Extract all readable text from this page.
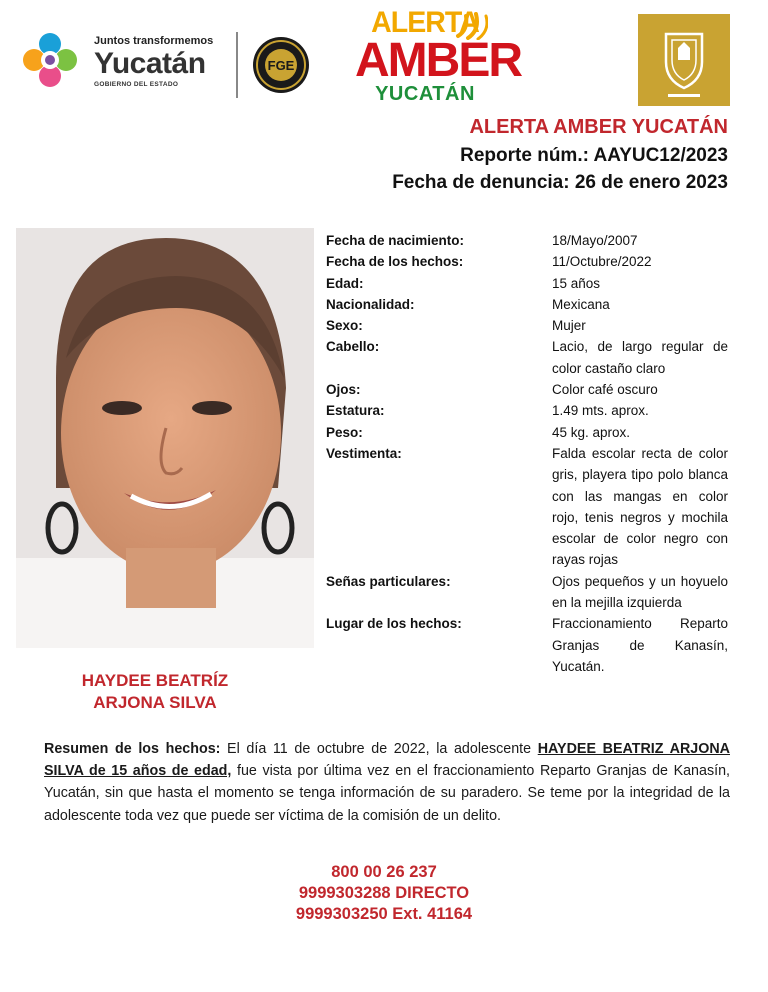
Juntos transformemos
Yucatán
GOBIERNO DEL ESTADO
FGE
ALERTA
AMBER
YUCATÁN
ALERTA AMBER YUCATÁN
Reporte núm.: AAYUC12/2023
Fecha de denuncia: 26 de enero 2023
HAYDEE BEATRÍZ
ARJONA SILVA
Fecha de nacimiento:	18/Mayo/2007
Fecha de los hechos:	11/Octubre/2022
Edad:	15 años
Nacionalidad:	Mexicana
Sexo:	Mujer
Cabello:	Lacio, de largo regular de color castaño claro
Ojos:	Color café oscuro
Estatura:	1.49 mts. aprox.
Peso:	45 kg. aprox.
Vestimenta:	Falda escolar recta de color gris, playera tipo polo blanca con las mangas en color rojo, tenis negros y mochila escolar de color negro con rayas rojas
Señas particulares:	Ojos pequeños y un hoyuelo en la mejilla izquierda
Lugar de los hechos:	Fraccionamiento Reparto Granjas de Kanasín, Yucatán.
Resumen de los hechos: El día 11 de octubre de 2022, la adolescente HAYDEE BEATRIZ ARJONA SILVA de 15 años de edad, fue vista por última vez en el fraccionamiento Reparto Granjas de Kanasín, Yucatán, sin que hasta el momento se tenga información de su paradero. Se teme por la integridad de la adolescente toda vez que puede ser víctima de la comisión de un delito.
800 00 26 237
9999303288 DIRECTO
9999303250 Ext. 41164
